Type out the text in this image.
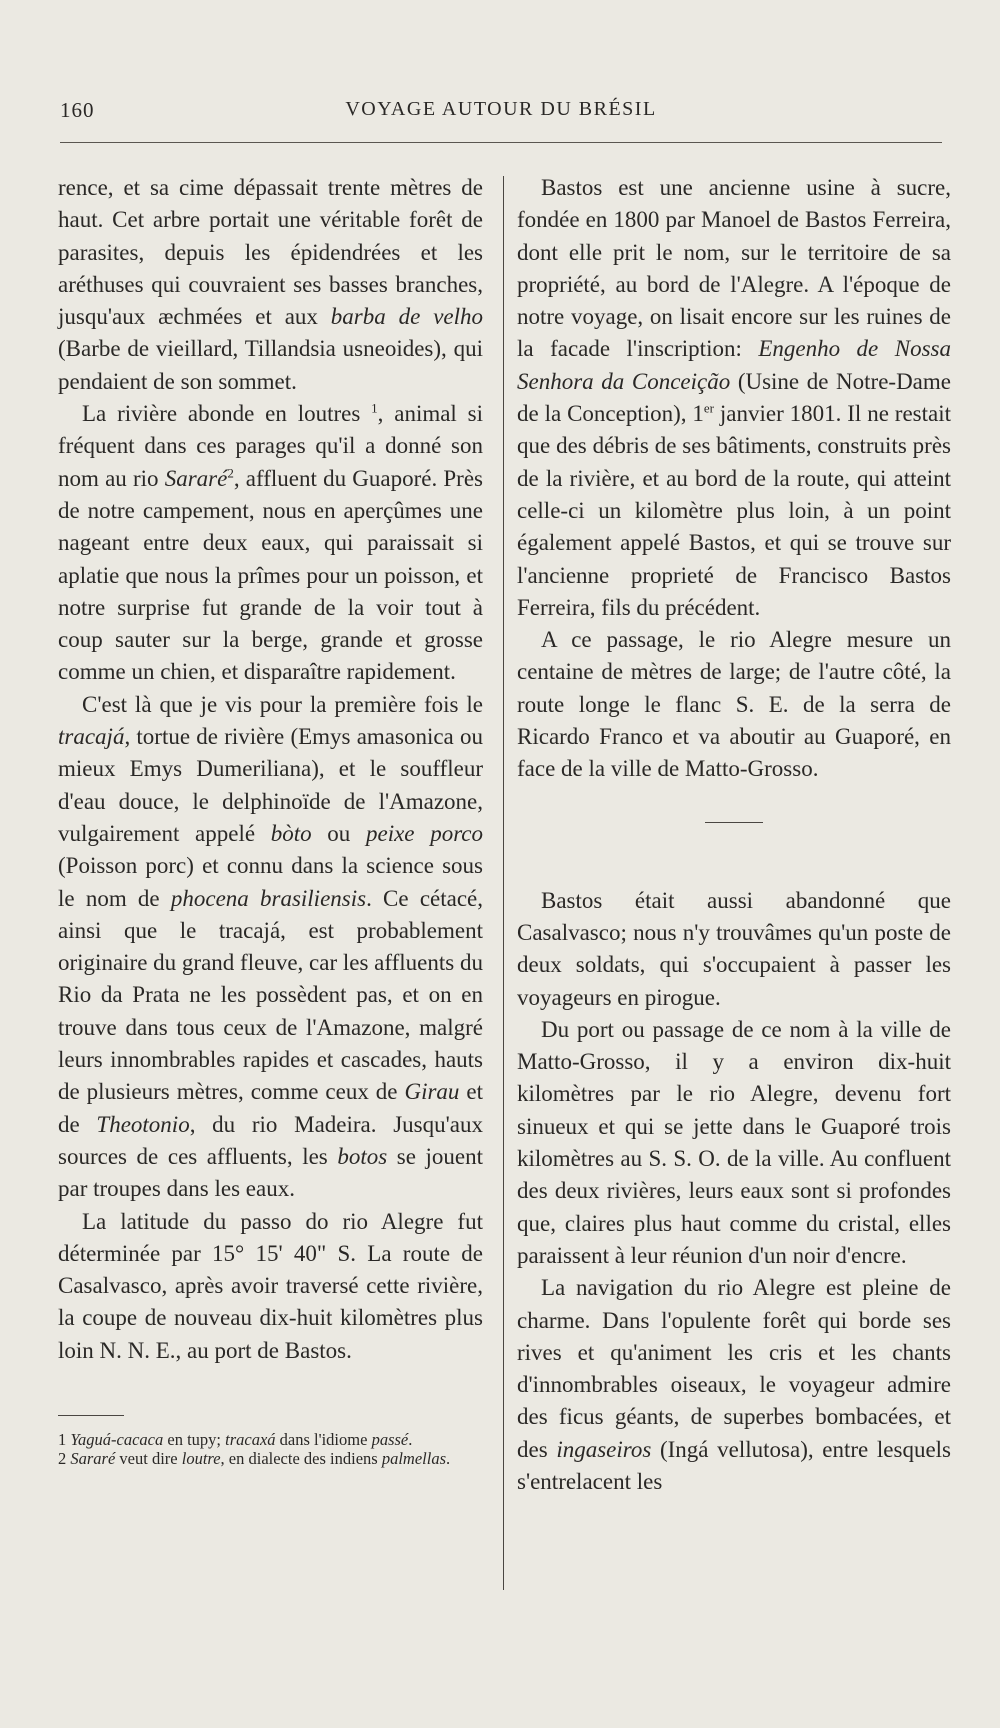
160	VOYAGE AUTOUR DU BRÉSIL

rence, et sa cime dépassait trente mètres de haut. Cet arbre portait une véritable forêt de parasites, depuis les épidendrées et les aréthuses qui couvraient ses basses branches, jusqu'aux æchmées et aux barba de velho (Barbe de vieillard, Tillandsia usneoides), qui pendaient de son sommet.

La rivière abonde en loutres $^1$, animal si fréquent dans ces parages qu'il a donné son nom au rio Sararé$^2$, affluent du Guaporé. Près de notre campement, nous en aperçûmes une nageant entre deux eaux, qui paraissait si aplatie que nous la prîmes pour un poisson, et notre surprise fut grande de la voir tout à coup sauter sur la berge, grande et grosse comme un chien, et disparaître rapidement.

C'est là que je vis pour la première fois le tracajá, tortue de rivière (Emys amasonica ou mieux Emys Dumeriliana), et le souffleur d'eau douce, le delphinoïde de l'Amazone, vulgairement appelé bòto ou peixe porco (Poisson porc) et connu dans la science sous le nom de phocena brasiliensis. Ce cétacé, ainsi que le tracajá, est probablement originaire du grand fleuve, car les affluents du Rio da Prata ne les possèdent pas, et on en trouve dans tous ceux de l'Amazone, malgré leurs innombrables rapides et cascades, hauts de plusieurs mètres, comme ceux de Girau et de Theotonio, du rio Madeira. Jusqu'aux sources de ces affluents, les botos se jouent par troupes dans les eaux.

La latitude du passo do rio Alegre fut déterminée par 15° 15' 40" S. La route de Casalvasco, après avoir traversé cette rivière, la coupe de nouveau dix-huit kilomètres plus loin N. N. E., au port de Bastos.

1 Yaguá-cacaca en tupy; tracaxá dans l'idiome passé.

2 Sararé veut dire loutre, en dialecte des indiens palmellas.

Bastos est une ancienne usine à sucre, fondée en 1800 par Manoel de Bastos Ferreira, dont elle prit le nom, sur le territoire de sa propriété, au bord de l'Alegre. A l'époque de notre voyage, on lisait encore sur les ruines de la facade l'inscription: Engenho de Nossa Senhora da Conceição (Usine de Notre-Dame de la Conception), 1er janvier 1801. Il ne restait que des débris de ses bâtiments, construits près de la rivière, et au bord de la route, qui atteint celle-ci un kilomètre plus loin, à un point également appelé Bastos, et qui se trouve sur l'ancienne proprieté de Francisco Bastos Ferreira, fils du précédent.

A ce passage, le rio Alegre mesure un centaine de mètres de large; de l'autre côté, la route longe le flanc S. E. de la serra de Ricardo Franco et va aboutir au Guaporé, en face de la ville de Matto-Grosso.

Bastos était aussi abandonné que Casalvasco; nous n'y trouvâmes qu'un poste de deux soldats, qui s'occupaient à passer les voyageurs en pirogue.

Du port ou passage de ce nom à la ville de Matto-Grosso, il y a environ dix-huit kilomètres par le rio Alegre, devenu fort sinueux et qui se jette dans le Guaporé trois kilomètres au S. S. O. de la ville. Au confluent des deux rivières, leurs eaux sont si profondes que, claires plus haut comme du cristal, elles paraissent à leur réunion d'un noir d'encre.

La navigation du rio Alegre est pleine de charme. Dans l'opulente forêt qui borde ses rives et qu'animent les cris et les chants d'innombrables oiseaux, le voyageur admire des ficus géants, de superbes bombacées, et des ingaseiros (Ingá vellutosa), entre lesquels s'entrelacent les
